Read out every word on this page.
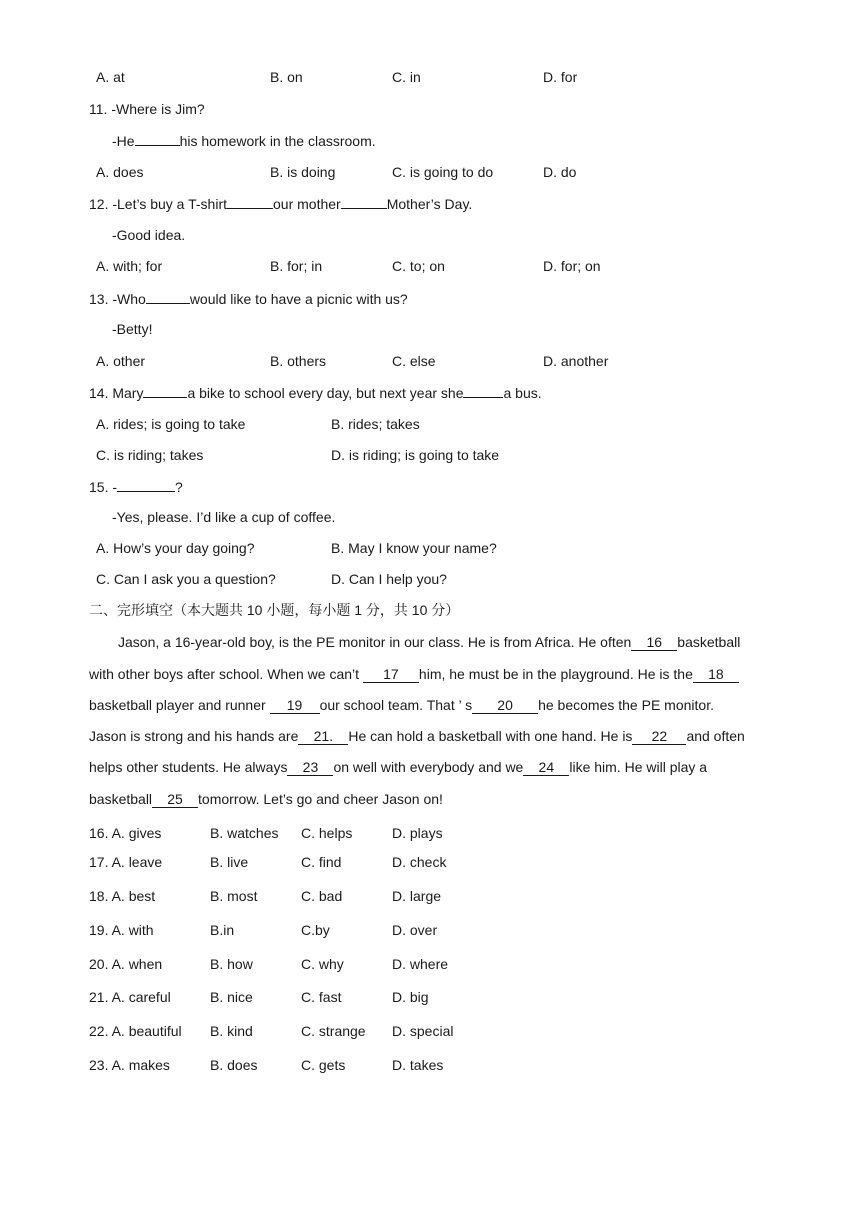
A. at	B. on	C. in	D. for
11. -Where is Jim?
-He	his homework in the classroom.
A. does	B. is doing	C. is going to do	D. do
12. -Let’s buy a T-shirt	our mother	Mother’s Day.
-Good idea.
A. with; for	B. for; in	C. to; on	D. for; on
13. -Who	would like to have a picnic with us?
-Betty!
A. other	B. others	C. else	D. another
14. Mary	a bike to school every day, but next year she	a bus.
A. rides; is going to take	B. rides; takes
C. is riding; takes	D. is riding; is going to take
15. -	?
-Yes, please. I’d like a cup of coffee.
A. How’s your day going?	B. May I know your name?
C. Can I ask you a question?	D. Can I help you?
二、完形填空（本大题共 10 小题，每小题 1 分，共 10 分）
Jason, a 16-year-old boy, is the PE monitor in our class. He is from Africa. He often 16 basketball
with other boys after school. When we can’t 17 him, he must be in the playground. He is the 18
basketball player and runner 19 our school team. That ’ s 20 he becomes the PE monitor.
Jason is strong and his hands are 21. He can hold a basketball with one hand. He is 22 and often
helps other students. He always 23 on well with everybody and we 24 like him. He will play a
basketball 25 tomorrow. Let’s go and cheer Jason on!
16. A. gives	B. watches C. helps	D. plays
17. A. leave	B. live	C. find	D. check
18. A. best	B. most	C. bad	D. large
19. A. with	B.in	C.by	D. over
20. A. when	B. how	C. why	D. where
21. A. careful	B. nice	C. fast	D. big
22. A. beautiful B. kind	C. strange D. special
23. A. makes	B. does	C. gets	D. takes
